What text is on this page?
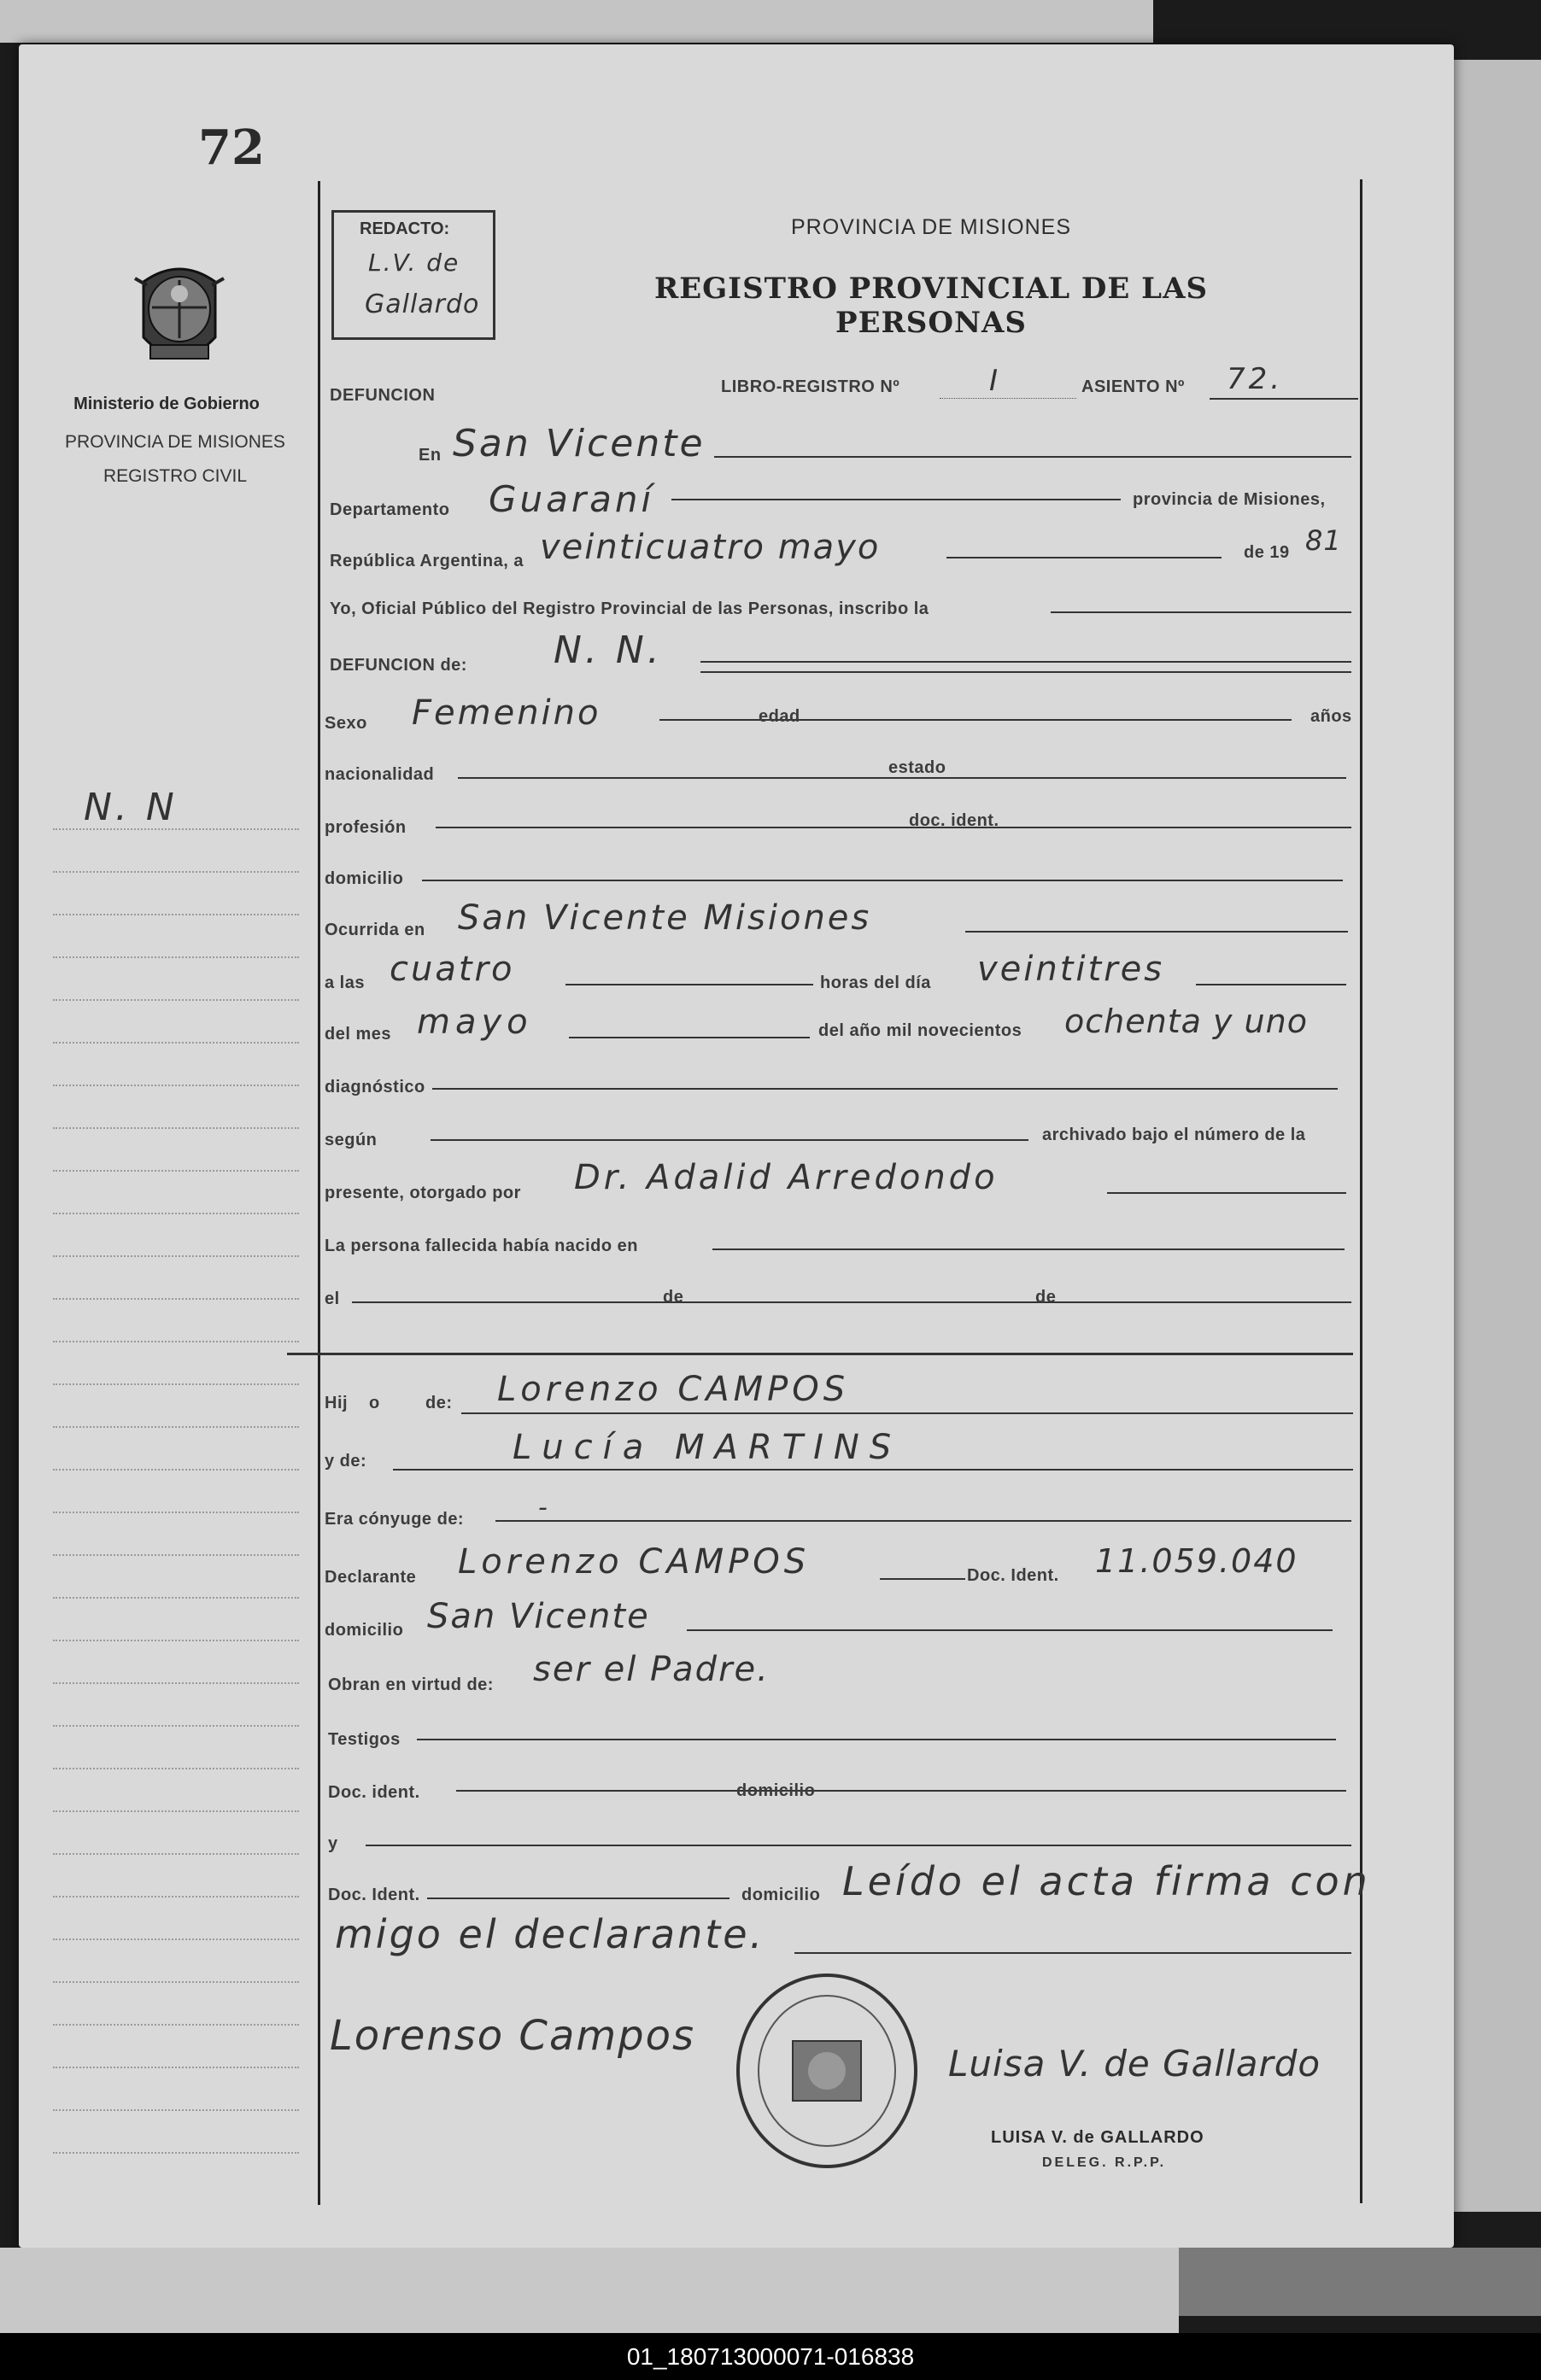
72
Ministerio de Gobierno
PROVINCIA DE MISIONES
REGISTRO CIVIL
N. N
REDACTO:
L.V. de
Gallardo
PROVINCIA DE MISIONES
REGISTRO PROVINCIAL DE LAS PERSONAS
DEFUNCION	LIBRO-REGISTRO Nº	I	ASIENTO Nº 72.
En San Vicente
Departamento Guaraní	provincia de Misiones,
República Argentina, a veinticuatro mayo	de 19 81
Yo, Oficial Público del Registro Provincial de las Personas, inscribo la
DEFUNCION de: N. N.
Sexo Femenino	edad	años
nacionalidad	estado
profesión	doc. ident.
domicilio
Ocurrida en San Vicente Misiones
a las cuatro	horas del día veintitres
del mes mayo	del año mil novecientos ochenta y uno
diagnóstico
según	archivado bajo el número de la
presente, otorgado por Dr. Adalid Arredondo
La persona fallecida había nacido en
el	de	de
Hij o	de: Lorenzo CAMPOS
y de:	Lucía MARTINS
Era cónyuge de:	-
Declarante Lorenzo CAMPOS	Doc. Ident. 11.059.040
domicilio San Vicente
Obran en virtud de: ser el Padre.
Testigos
Doc. ident.	domicilio
y
Doc. Ident.	domicilio Leído el acta firma con
migo el declarante.
Lorenso Campos
Luisa V. de Gallardo
LUISA V. de GALLARDO
DELEG. R.P.P.
01_180713000071-016838
